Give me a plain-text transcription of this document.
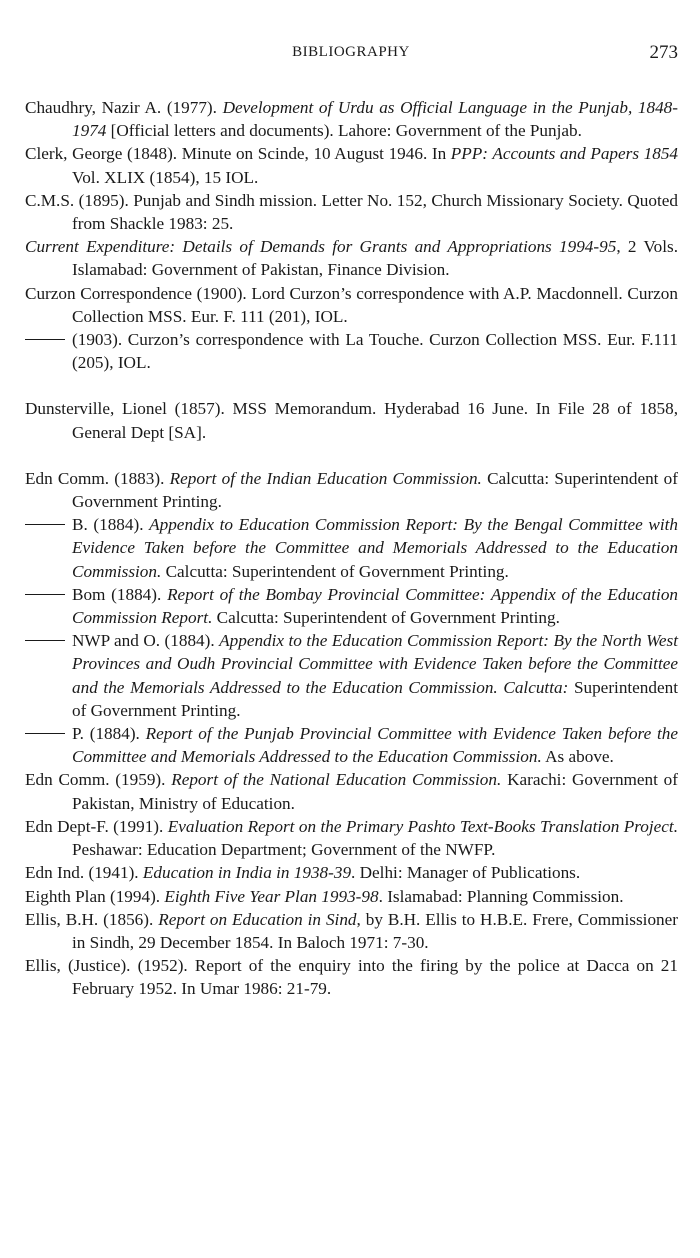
BIBLIOGRAPHY	273

Chaudhry, Nazir A. (1977). Development of Urdu as Official Language in the Punjab, 1848-1974 [Official letters and documents). Lahore: Government of the Punjab.

Clerk, George (1848). Minute on Scinde, 10 August 1946. In PPP: Accounts and Papers 1854 Vol. XLIX (1854), 15 IOL.

C.M.S. (1895). Punjab and Sindh mission. Letter No. 152, Church Missionary Society. Quoted from Shackle 1983: 25.

Current Expenditure: Details of Demands for Grants and Appropriations 1994-95, 2 Vols. Islamabad: Government of Pakistan, Finance Division.

Curzon Correspondence (1900). Lord Curzon’s correspondence with A.P. Macdonnell. Curzon Collection MSS. Eur. F. 111 (201), IOL.

(1903). Curzon’s correspondence with La Touche. Curzon Collection MSS. Eur. F.111 (205), IOL.

Dunsterville, Lionel (1857). MSS Memorandum. Hyderabad 16 June. In File 28 of 1858, General Dept [SA].

Edn Comm. (1883). Report of the Indian Education Commission. Calcutta: Superintendent of Government Printing.

B. (1884). Appendix to Education Commission Report: By the Bengal Committee with Evidence Taken before the Committee and Memorials Addressed to the Education Commission. Calcutta: Superintendent of Government Printing.

Bom (1884). Report of the Bombay Provincial Committee: Appendix of the Education Commission Report. Calcutta: Superintendent of Government Printing.

NWP and O. (1884). Appendix to the Education Commission Report: By the North West Provinces and Oudh Provincial Committee with Evidence Taken before the Committee and the Memorials Addressed to the Education Commission. Calcutta: Superintendent of Government Printing.

P. (1884). Report of the Punjab Provincial Committee with Evidence Taken before the Committee and Memorials Addressed to the Education Commission. As above.

Edn Comm. (1959). Report of the National Education Commission. Karachi: Government of Pakistan, Ministry of Education.

Edn Dept-F. (1991). Evaluation Report on the Primary Pashto Text-Books Translation Project. Peshawar: Education Department; Government of the NWFP.

Edn Ind. (1941). Education in India in 1938-39. Delhi: Manager of Publications.

Eighth Plan (1994). Eighth Five Year Plan 1993-98. Islamabad: Planning Commission.

Ellis, B.H. (1856). Report on Education in Sind, by B.H. Ellis to H.B.E. Frere, Commissioner in Sindh, 29 December 1854. In Baloch 1971: 7-30.

Ellis, (Justice). (1952). Report of the enquiry into the firing by the police at Dacca on 21 February 1952. In Umar 1986: 21-79.
